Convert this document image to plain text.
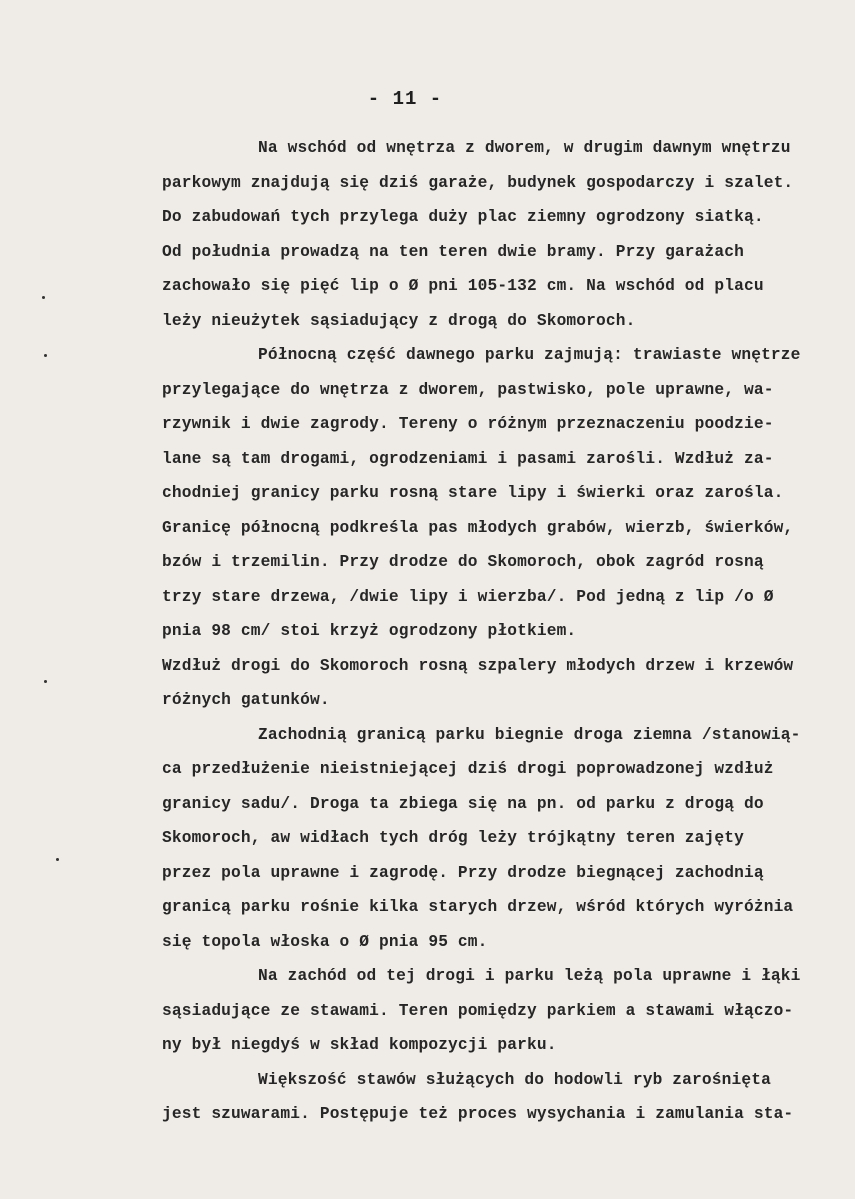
- 11 -
Na wschód od wnętrza z dworem, w drugim dawnym wnętrzu
parkowym znajdują się dziś garaże, budynek gospodarczy i szalet.
Do zabudowań tych przylega duży plac ziemny ogrodzony siatką.
Od południa prowadzą na ten teren dwie bramy. Przy garażach
zachowało się pięć lip o Ø pni 105-132 cm. Na wschód od placu
leży nieużytek sąsiadujący z drogą do Skomoroch.
Północną część dawnego parku zajmują: trawiaste wnętrze
przylegające do wnętrza z dworem, pastwisko, pole uprawne, wa-
rzywnik i dwie zagrody. Tereny o różnym przeznaczeniu poodzie-
lane są tam drogami, ogrodzeniami i pasami zarośli. Wzdłuż za-
chodniej granicy parku rosną stare lipy i świerki oraz zarośla.
Granicę północną podkreśla pas młodych grabów, wierzb, świerków,
bzów i trzemilin. Przy drodze do Skomoroch, obok zagród rosną
trzy stare drzewa, /dwie lipy i wierzba/. Pod jedną z lip /o Ø
pnia 98 cm/ stoi krzyż ogrodzony płotkiem.
Wzdłuż drogi do Skomoroch rosną szpalery młodych drzew i krzewów
różnych gatunków.
Zachodnią granicą parku biegnie droga ziemna /stanowią-
ca przedłużenie nieistniejącej dziś drogi poprowadzonej wzdłuż
granicy sadu/. Droga ta zbiega się na pn. od parku z drogą do
Skomoroch, aw widłach tych dróg leży trójkątny teren zajęty
przez pola uprawne i zagrodę. Przy drodze biegnącej zachodnią
granicą parku rośnie kilka starych drzew, wśród których wyróżnia
się topola włoska o Ø pnia 95 cm.
Na zachód od tej drogi i parku leżą pola uprawne i łąki
sąsiadujące ze stawami. Teren pomiędzy parkiem a stawami włączo-
ny był niegdyś w skład kompozycji parku.
Większość stawów służących do hodowli ryb zarośnięta
jest szuwarami. Postępuje też proces wysychania i zamulania sta-
